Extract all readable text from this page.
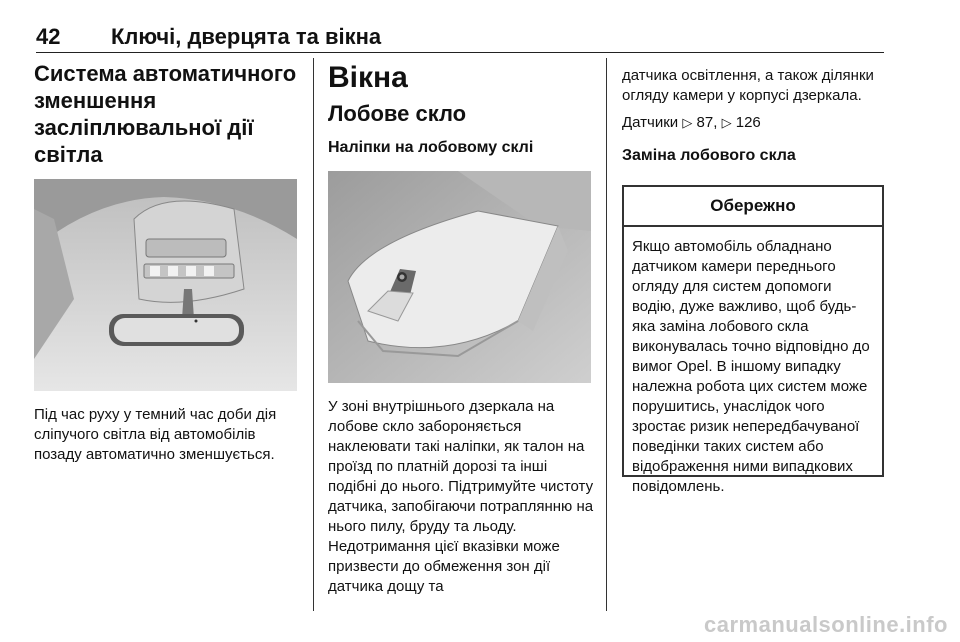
42 Ключі, дверцята та вікна
Система автоматичного зменшення засліплювальної дії світла

Під час руху у темний час доби дія сліпучого світла від автомобілів позаду автоматично зменшується.

Вікна
Лобове скло
Наліпки на лобовому склі

У зоні внутрішнього дзеркала на лобове скло забороняється наклеювати такі наліпки, як талон на проїзд по платній дорозі та інші подібні до нього. Підтримуйте чистоту датчика, запобігаючи потраплянню на нього пилу, бруду та льоду. Недотримання цієї вказівки може призвести до обмеження зон дії датчика дощу та

датчика освітлення, а також ділянки огляду камери у корпусі дзеркала.

Датчики ▷ 87, ▷ 126

Заміна лобового скла
Обережно
Якщо автомобіль обладнано датчиком камери переднього огляду для систем допомоги водію, дуже важливо, щоб будь-яка заміна лобового скла виконувалась точно відповідно до вимог Opel. В іншому випадку належна робота цих систем може порушитись, унаслідок чого зростає ризик непередбачуваної поведінки таких систем або відображення ними випадкових повідомлень.
carmanualsonline.info
